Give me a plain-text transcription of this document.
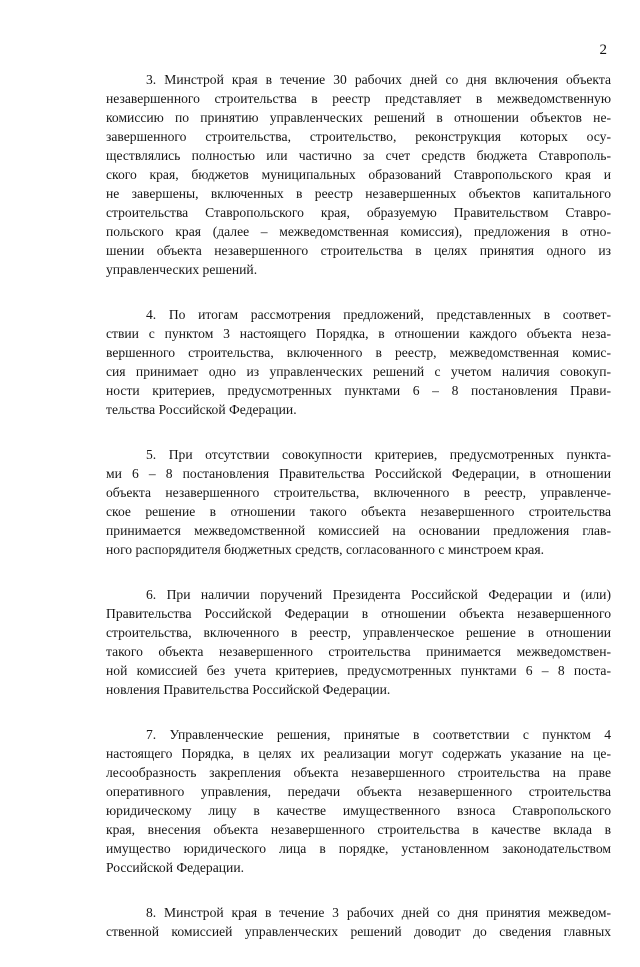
2
3. Минстрой края в течение 30 рабочих дней со дня включения объекта
незавершенного строительства в реестр представляет в межведомственную
комиссию по принятию управленческих решений в отношении объектов не-
завершенного строительства, строительство, реконструкция которых осу-
ществлялись полностью или частично за счет средств бюджета Ставрополь-
ского края, бюджетов муниципальных образований Ставропольского края и
не завершены, включенных в реестр незавершенных объектов капитального
строительства Ставропольского края, образуемую Правительством Ставро-
польского края (далее – межведомственная комиссия), предложения в отно-
шении объекта незавершенного строительства в целях принятия одного из
управленческих решений.
4. По итогам рассмотрения предложений, представленных в соответ-
ствии с пунктом 3 настоящего Порядка, в отношении каждого объекта неза-
вершенного строительства, включенного в реестр, межведомственная комис-
сия принимает одно из управленческих решений с учетом наличия совокуп-
ности критериев, предусмотренных пунктами 6 – 8 постановления Прави-
тельства Российской Федерации.
5. При отсутствии совокупности критериев, предусмотренных пункта-
ми 6 – 8 постановления Правительства Российской Федерации, в отношении
объекта незавершенного строительства, включенного в реестр, управленче-
ское решение в отношении такого объекта незавершенного строительства
принимается межведомственной комиссией на основании предложения глав-
ного распорядителя бюджетных средств, согласованного с минстроем края.
6. При наличии поручений Президента Российской Федерации и (или)
Правительства Российской Федерации в отношении объекта незавершенного
строительства, включенного в реестр, управленческое решение в отношении
такого объекта незавершенного строительства принимается межведомствен-
ной комиссией без учета критериев, предусмотренных пунктами 6 – 8 поста-
новления Правительства Российской Федерации.
7. Управленческие решения, принятые в соответствии с пунктом 4
настоящего Порядка, в целях их реализации могут содержать указание на це-
лесообразность закрепления объекта незавершенного строительства на праве
оперативного управления, передачи объекта незавершенного строительства
юридическому лицу в качестве имущественного взноса Ставропольского
края, внесения объекта незавершенного строительства в качестве вклада в
имущество юридического лица в порядке, установленном законодательством
Российской Федерации.
8. Минстрой края в течение 3 рабочих дней со дня принятия межведом-
ственной комиссией управленческих решений доводит до сведения главных
